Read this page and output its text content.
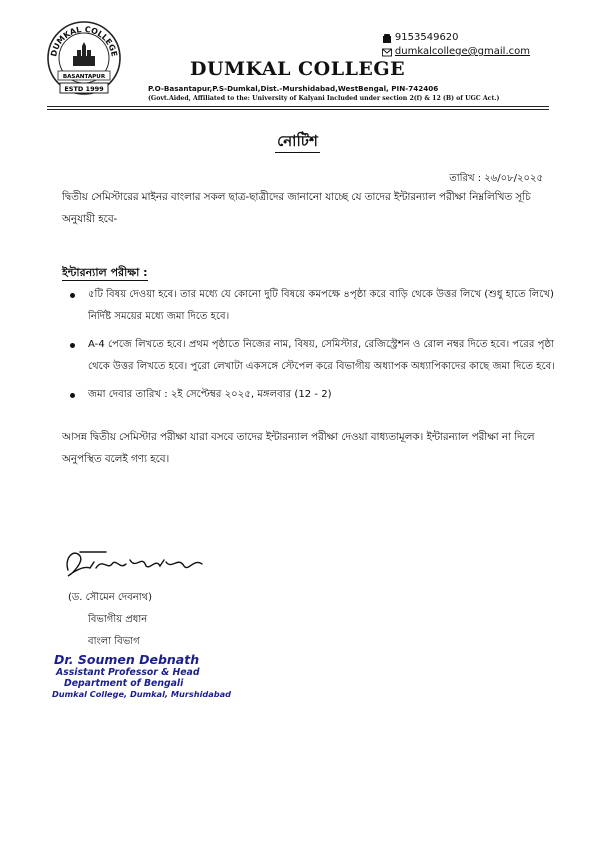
DUMKAL COLLEGE
BASANTAPUR
ESTD 1999
9153549620
dumkalcollege@gmail.com
DUMKAL COLLEGE
P.O-Basantapur,P.S-Dumkal,Dist.-Murshidabad,WestBengal, PIN-742406
(Govt.Aided, Affiliated to the: University of Kalyani Included under section 2(f) & 12 (B) of UGC Act.)
নোটিশ
তারিখ : ২৬/০৮/২০২৫
দ্বিতীয় সেমিস্টারের মাইনর বাংলার সকল ছাত্র-ছাত্রীদের জানানো যাচ্ছে যে তাদের ইন্টারন্যাল পরীক্ষা নিম্নলিখিত সূচি অনুযায়ী হবে-
ইন্টারন্যাল পরীক্ষা :
৫টি বিষয় দেওয়া হবে। তার মধ্যে যে কোনো দুটি বিষয়ে কমপক্ষে ৪পৃষ্ঠা করে বাড়ি থেকে উত্তর লিখে (শুধু হাতে লিখে) নির্দিষ্ট সময়ের মধ্যে জমা দিতে হবে।
A-4 পেজে লিখতে হবে। প্রথম পৃষ্ঠাতে নিজের নাম, বিষয়, সেমিস্টার, রেজিস্ট্রেশন ও রোল নম্বর দিতে হবে। পরের পৃষ্ঠা থেকে উত্তর লিখতে হবে। পুরো লেখাটা একসঙ্গে স্টেপেল করে বিভাগীয় অধ্যাপক অধ্যাপিকাদের কাছে জমা দিতে হবে।
জমা দেবার তারিখ : ২ই সেপ্টেম্বর ২০২৫, মঙ্গলবার (12 - 2)
আসন্ন দ্বিতীয় সেমিস্টার পরীক্ষা যারা বসবে তাদের ইন্টারন্যাল পরীক্ষা দেওয়া বাধ্যতামূলক। ইন্টারন্যাল পরীক্ষা না দিলে অনুপস্থিত বলেই গণ্য হবে।
(ড. সৌমেন দেবনাথ)
বিভাগীয় প্রধান
বাংলা বিভাগ
Dr. Soumen Debnath
Assistant Professor & Head
Department of Bengali
Dumkal College, Dumkal, Murshidabad
